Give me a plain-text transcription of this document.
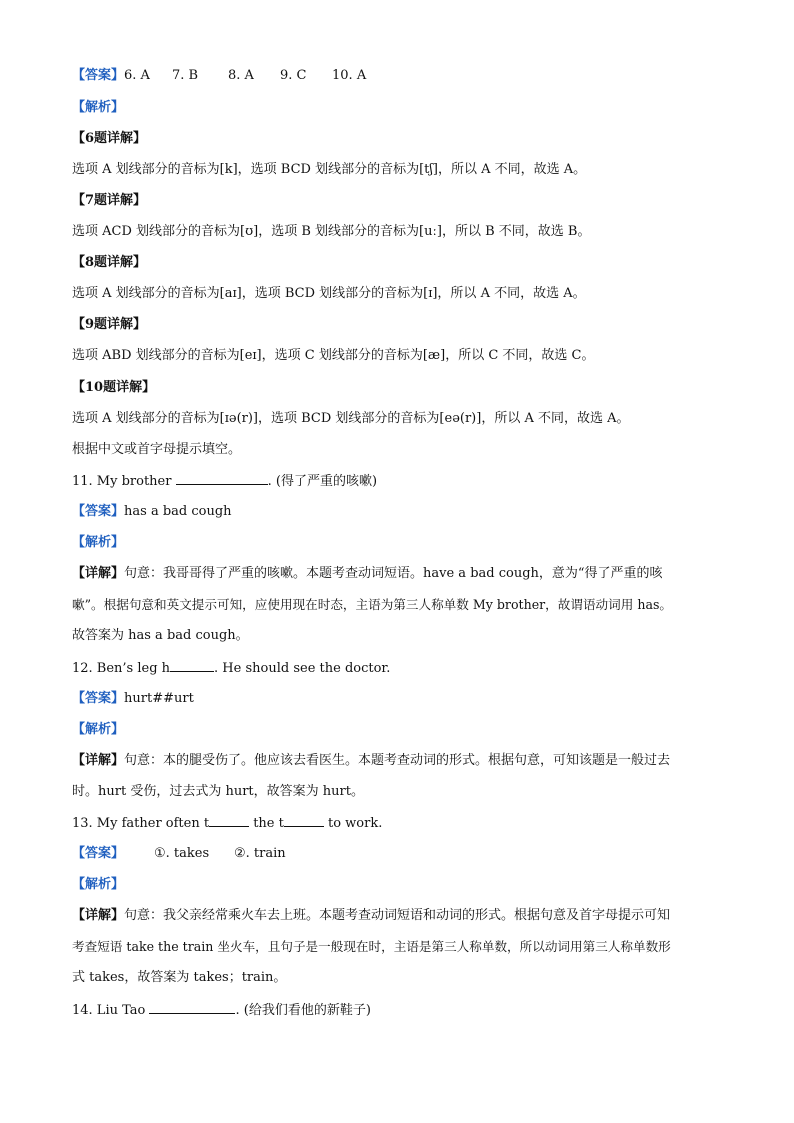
【答案】6. A 7. B 8. A 9. C 10. A
【解析】
【6题详解】
选项 A 划线部分的音标为[k]，选项 BCD 划线部分的音标为[tʃ]，所以 A 不同，故选 A。
【7题详解】
选项 ACD 划线部分的音标为[ʊ]，选项 B 划线部分的音标为[uː]，所以 B 不同，故选 B。
【8题详解】
选项 A 划线部分的音标为[aɪ]，选项 BCD 划线部分的音标为[ɪ]，所以 A 不同，故选 A。
【9题详解】
选项 ABD 划线部分的音标为[eɪ]，选项 C 划线部分的音标为[æ]，所以 C 不同，故选 C。
【10题详解】
选项 A 划线部分的音标为[ɪə(r)]，选项 BCD 划线部分的音标为[eə(r)]，所以 A 不同，故选 A。
根据中文或首字母提示填空。
11. My brother	. (得了严重的咳嗽)
【答案】has a bad cough
【解析】
【详解】句意：我哥哥得了严重的咳嗽。本题考查动词短语。have a bad cough，意为“得了严重的咳
嗽”。根据句意和英文提示可知，应使用现在时态，主语为第三人称单数 My brother，故谓语动词用 has。
故答案为 has a bad cough。
12. Ben’s leg h	. He should see the doctor.
【答案】hurt##urt
【解析】
【详解】句意：本的腿受伤了。他应该去看医生。本题考查动词的形式。根据句意，可知该题是一般过去
时。hurt 受伤，过去式为 hurt，故答案为 hurt。
13. My father often t	the t	to work.
【答案】 ①. takes ②. train
【解析】
【详解】句意：我父亲经常乘火车去上班。本题考查动词短语和动词的形式。根据句意及首字母提示可知
考查短语 take the train 坐火车，且句子是一般现在时，主语是第三人称单数，所以动词用第三人称单数形
式 takes，故答案为 takes；train。
14. Liu Tao	. (给我们看他的新鞋子)
